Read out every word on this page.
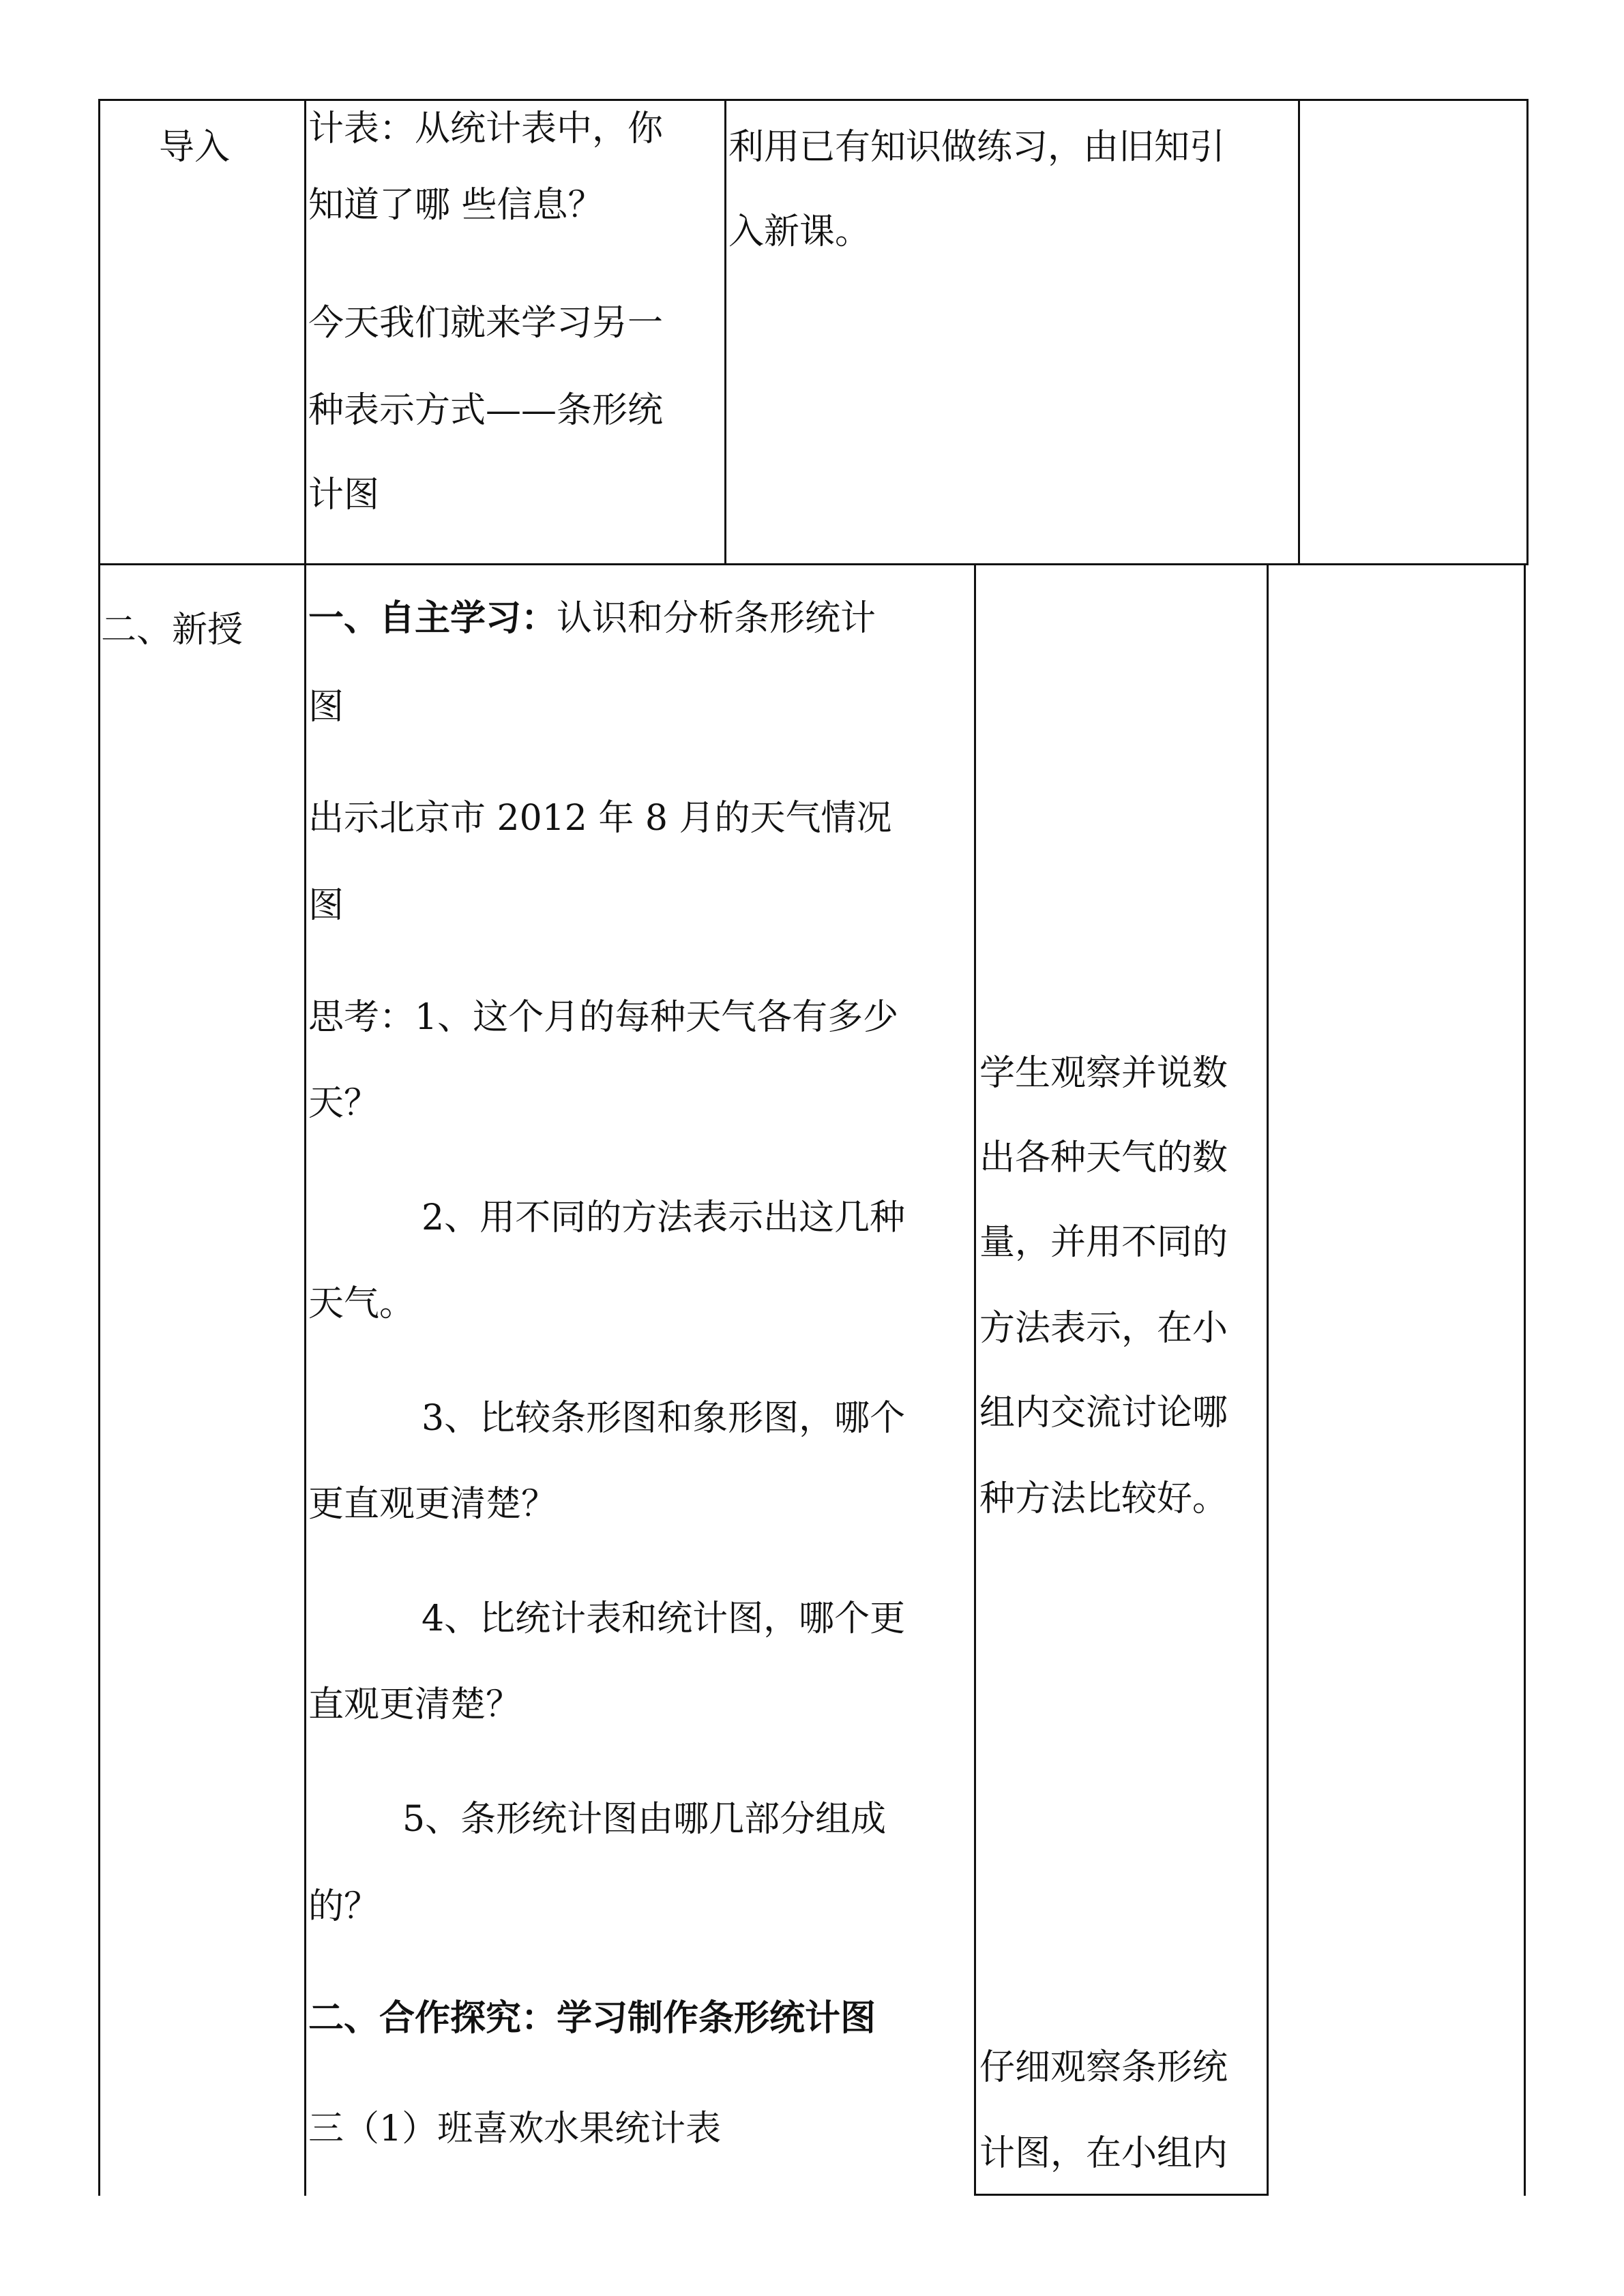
导入 计表：从统计表中，你
知道了哪 些信息？
今天我们就来学习另一
种表示方式——条形统
计图
利用已有知识做练习，由旧知引
入新课。
二、新授 一、自主学习：认识和分析条形统计
图
出示北京市 2012 年 8 月的天气情况
图
思考：1、这个月的每种天气各有多少
天？
2、用不同的方法表示出这几种
天气。
3、比较条形图和象形图，哪个
更直观更清楚？
4、比统计表和统计图，哪个更
直观更清楚？
5、条形统计图由哪几部分组成
的？
二、合作探究：学习制作条形统计图
三（1）班喜欢水果统计表
学生观察并说数
出各种天气的数
量，并用不同的
方法表示，在小
组内交流讨论哪
种方法比较好。
仔细观察条形统
计图，在小组内
